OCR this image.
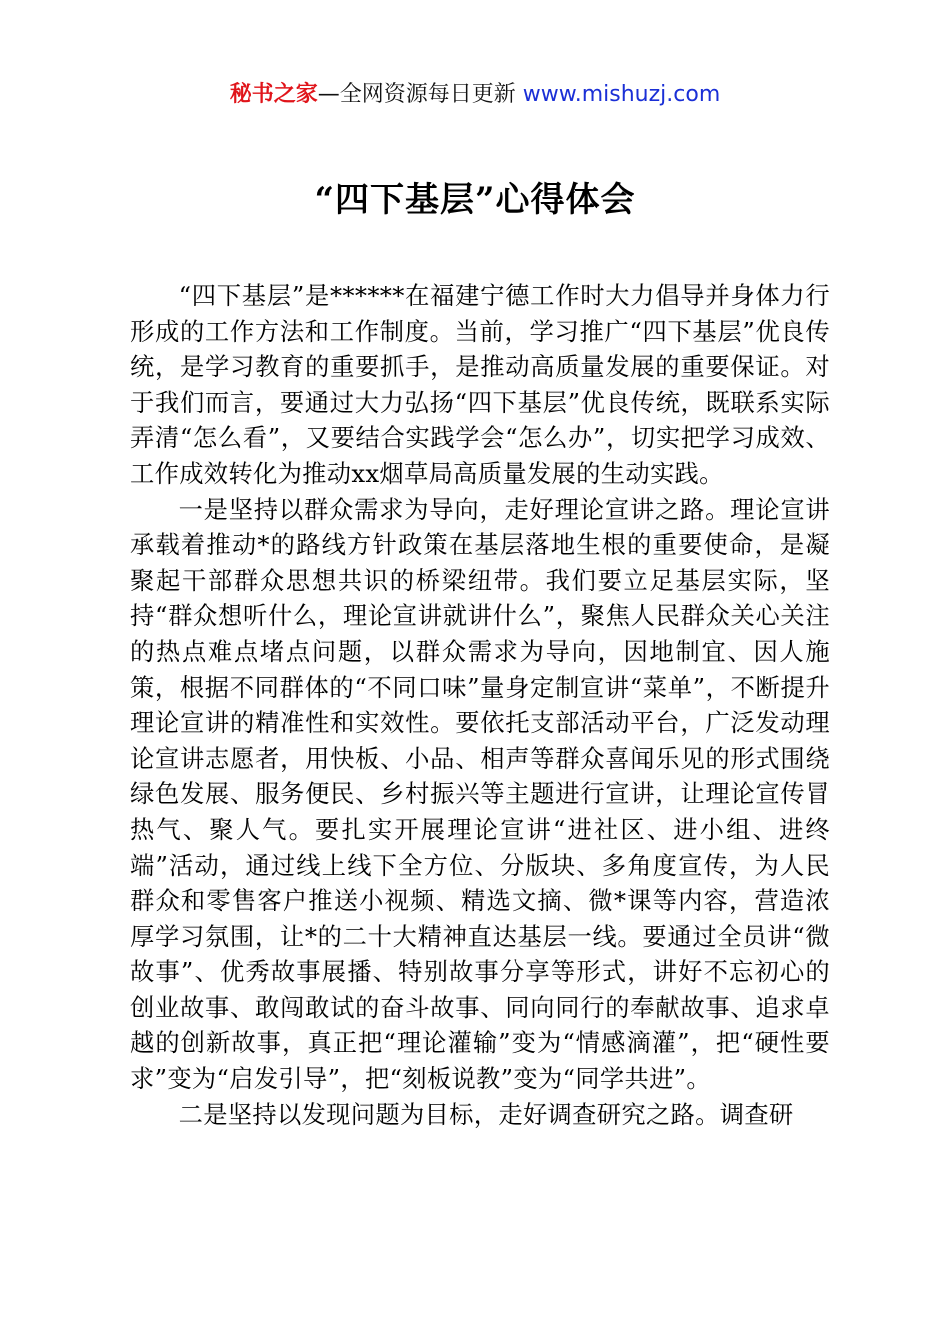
秘书之家—全网资源每日更新 www.mishuzj.com
“四下基层”心得体会

“四下基层”是******在福建宁德工作时大力倡导并身体力行形成的工作方法和工作制度。当前，学习推广“四下基层”优良传统，是学习教育的重要抓手，是推动高质量发展的重要保证。对于我们而言，要通过大力弘扬“四下基层”优良传统，既联系实际弄清“怎么看”，又要结合实践学会“怎么办”，切实把学习成效、工作成效转化为推动xx烟草局高质量发展的生动实践。

一是坚持以群众需求为导向，走好理论宣讲之路。理论宣讲承载着推动*的路线方针政策在基层落地生根的重要使命，是凝聚起干部群众思想共识的桥梁纽带。我们要立足基层实际，坚持“群众想听什么，理论宣讲就讲什么”，聚焦人民群众关心关注的热点难点堵点问题，以群众需求为导向，因地制宜、因人施策，根据不同群体的“不同口味”量身定制宣讲“菜单”，不断提升理论宣讲的精准性和实效性。要依托支部活动平台，广泛发动理论宣讲志愿者，用快板、小品、相声等群众喜闻乐见的形式围绕绿色发展、服务便民、乡村振兴等主题进行宣讲，让理论宣传冒热气、聚人气。要扎实开展理论宣讲“进社区、进小组、进终端”活动，通过线上线下全方位、分版块、多角度宣传，为人民群众和零售客户推送小视频、精选文摘、微*课等内容，营造浓厚学习氛围，让*的二十大精神直达基层一线。要通过全员讲“微故事”、优秀故事展播、特别故事分享等形式，讲好不忘初心的创业故事、敢闯敢试的奋斗故事、同向同行的奉献故事、追求卓越的创新故事，真正把“理论灌输”变为“情感滴灌”，把“硬性要求”变为“启发引导”，把“刻板说教”变为“同学共进”。

二是坚持以发现问题为目标，走好调查研究之路。调查研
